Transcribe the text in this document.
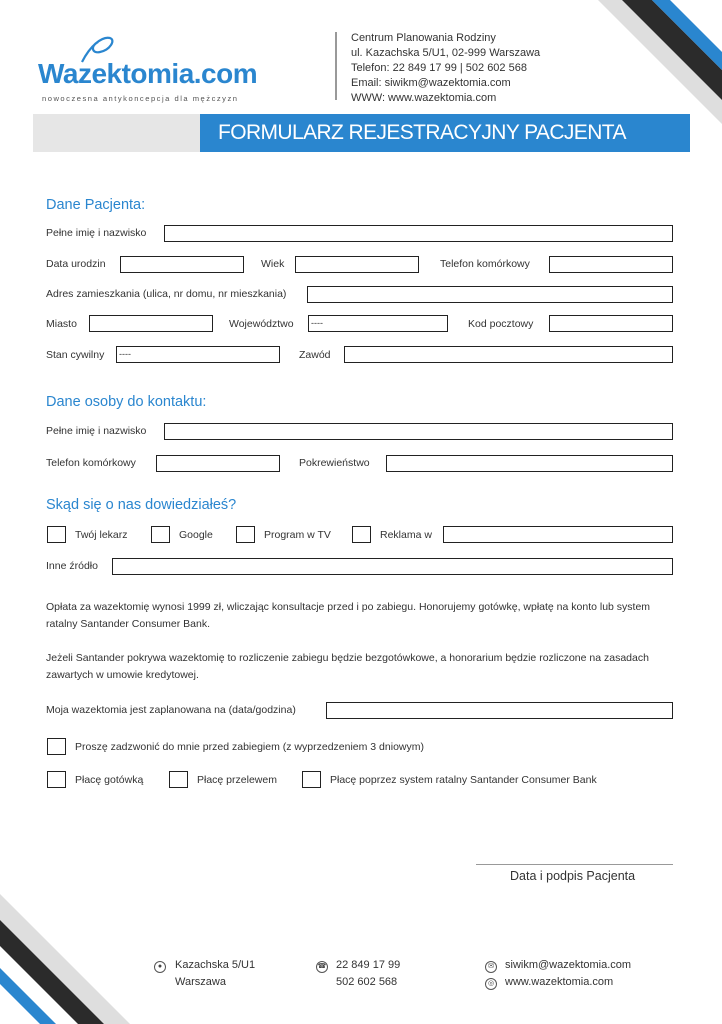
Wazektomia.com
nowoczesna antykoncepcja dla mężczyzn
Centrum Planowania Rodziny
ul. Kazachska 5/U1, 02-999 Warszawa
Telefon: 22 849 17 99 | 502 602 568
Email: siwikm@wazektomia.com
WWW: www.wazektomia.com
FORMULARZ REJESTRACYJNY PACJENTA
Dane Pacjenta:
Pełne imię i nazwisko
Data urodzin	Wiek	Telefon komórkowy
Adres zamieszkania (ulica, nr domu, nr mieszkania)
Miasto	Województwo	----	Kod pocztowy
Stan cywilny	----	Zawód
Dane osoby do kontaktu:
Pełne imię i nazwisko
Telefon komórkowy	Pokrewieństwo
Skąd się o nas dowiedziałeś?
Twój lekarz	Google	Program w TV	Reklama w
Inne źródło
Opłata za wazektomię wynosi 1999 zł, wliczając konsultacje przed i po zabiegu. Honorujemy gotówkę, wpłatę na konto lub system ratalny Santander Consumer Bank.
Jeżeli Santander pokrywa wazektomię to rozliczenie zabiegu będzie bezgotówkowe, a honorarium będzie rozliczone na zasadach zawartych w umowie kredytowej.
Moja wazektomia jest zaplanowana na (data/godzina)
Proszę zadzwonić do mnie przed zabiegiem (z wyprzedzeniem 3 dniowym)
Płacę gotówką	Płacę przelewem	Płacę poprzez system ratalny Santander Consumer Bank
Data i podpis Pacjenta
●	Kazachska 5/U1
Warszawa
☎ 22 849 17 99
502 602 568
✉
◎
siwikm@wazektomia.com
www.wazektomia.com
